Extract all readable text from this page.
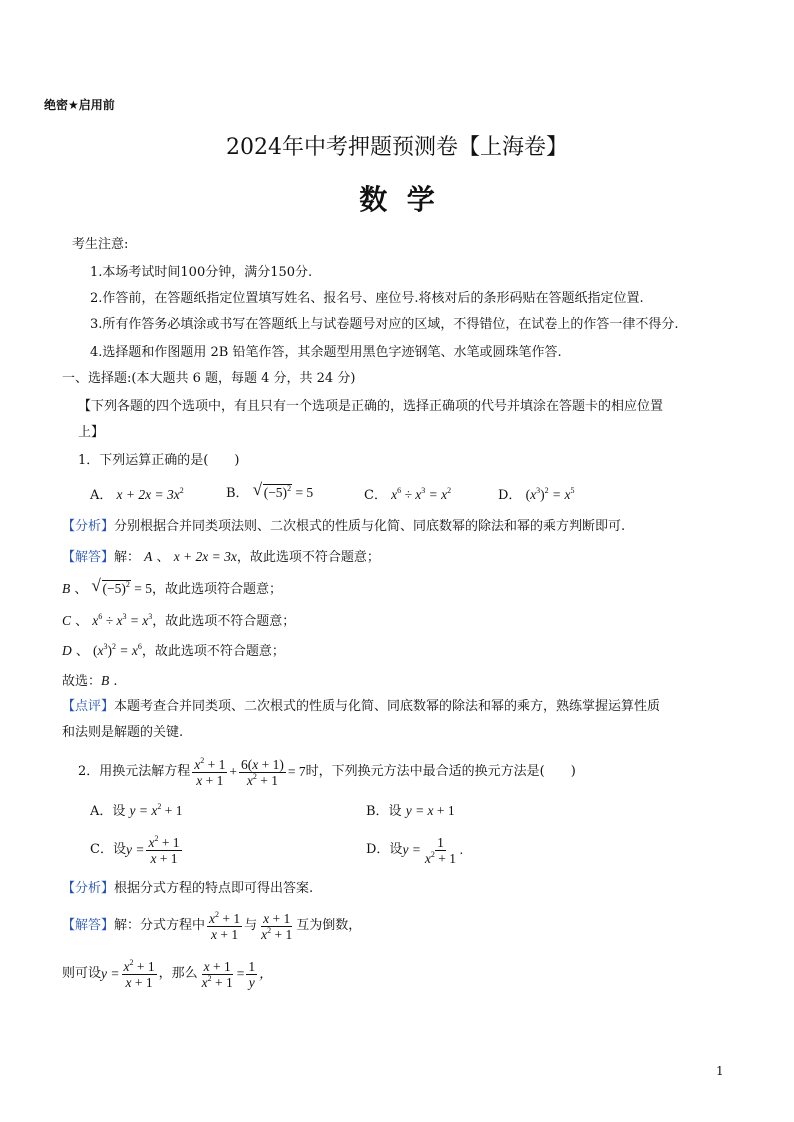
绝密★启用前
2024年中考押题预测卷【上海卷】
数  学
考生注意:
1.本场考试时间100分钟，满分150分.
2.作答前，在答题纸指定位置填写姓名、报名号、座位号.将核对后的条形码贴在答题纸指定位置.
3.所有作答务必填涂或书写在答题纸上与试卷题号对应的区域，不得错位，在试卷上的作答一律不得分.
4.选择题和作图题用 2B 铅笔作答，其余题型用黑色字迹钢笔、水笔或圆珠笔作答.
一、选择题:(本大题共 6 题，每题 4 分，共 24 分)
【下列各题的四个选项中，有且只有一个选项是正确的，选择正确项的代号并填涂在答题卡的相应位置
上】
1．下列运算正确的是(　　)
A． $x + 2x = 3x^2$	B． √ $(-5)^2 = 5$	C． $x^6 \div x^3 = x^2$	D． $(x^3)^2 = x^5$
【分析】分别根据合并同类项法则、二次根式的性质与化简、同底数幂的除法和幂的乘方判断即可.
【解答】解： A 、 x + 2x = 3x，故此选项不符合题意；
B 、 √ $(-5)^2 = 5$，故此选项符合题意；
C 、 $x^6 \div x^3 = x^3$，故此选项不符合题意；
D 、 $(x^3)^2 = x^6$，故此选项不符合题意；
故选：B .
【点评】本题考查合并同类项、二次根式的性质与化简、同底数幂的除法和幂的乘方，熟练掌握运算性质
和法则是解题的关键.
2．用换元法解方程 $\frac{x^2 + 1}{x + 1} + \frac{6(x + 1)}{x^2 + 1} = 7$ 时，下列换元方法中最合适的换元方法是(　　)
A．设 $y = x^2 + 1$	B．设 y = x + 1
C．设 $y = \frac{x^2 + 1}{x + 1}$	D．设 $y = \frac{1}{x^2 + 1}$ .
【分析】根据分式方程的特点即可得出答案.
【解答】 解：分式方程中 $\frac{x^2 + 1}{x + 1}$ 与 $\frac{x + 1}{x^2 + 1}$ 互为倒数，
则可设 $y = \frac{x^2 + 1}{x + 1}$ ，那么 $\frac{x + 1}{x^2 + 1} = \frac{1}{y}$ ，
1
